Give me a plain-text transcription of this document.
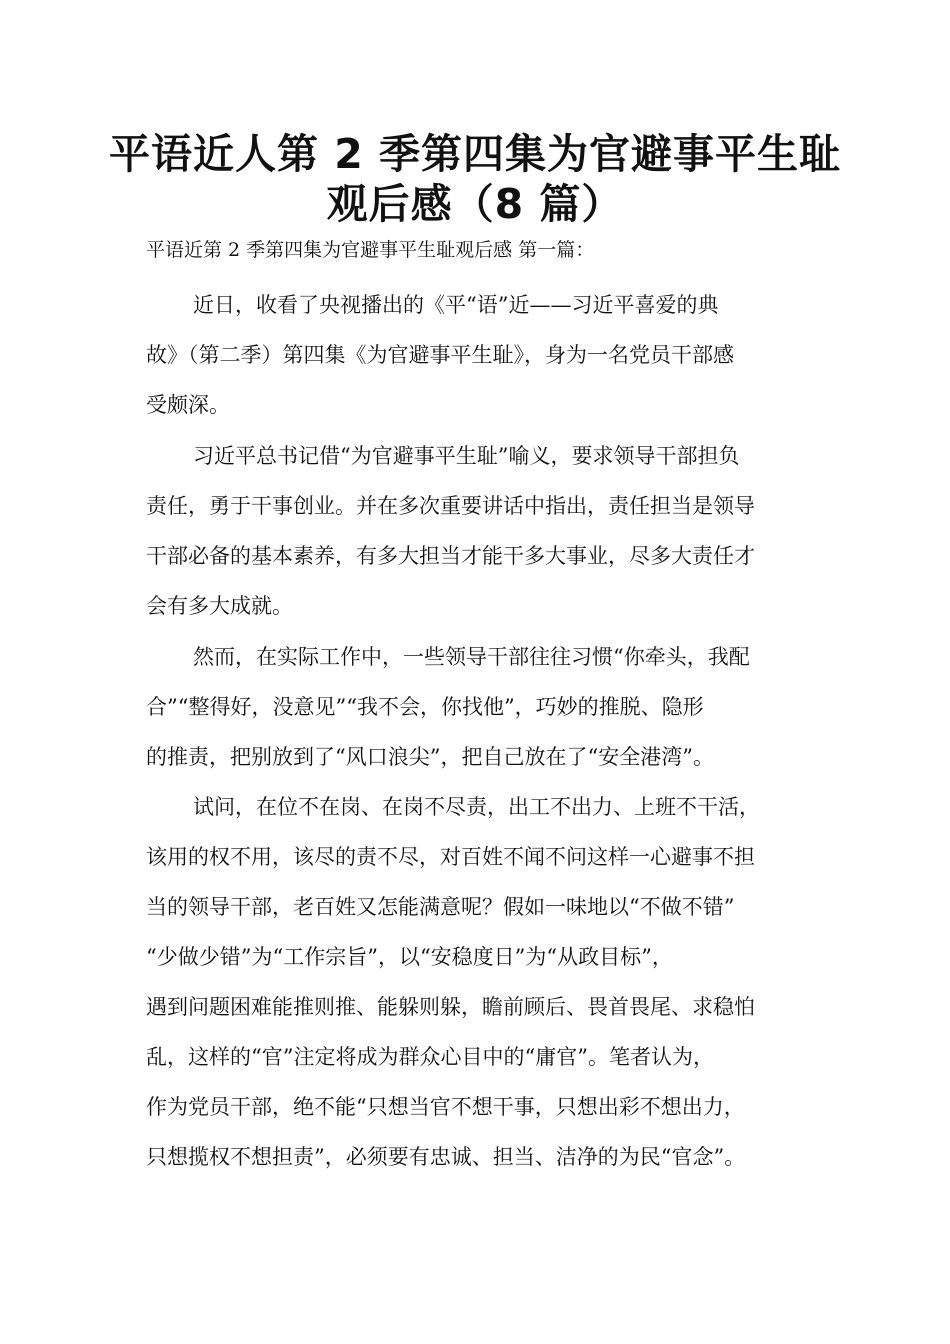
平语近人第 2 季第四集为官避事平生耻
观后感（8 篇）
平语近第 2 季第四集为官避事平生耻观后感 第一篇：
近日，收看了央视播出的《平“语”近——习近平喜爱的典
故》（第二季）第四集《为官避事平生耻》，身为一名党员干部感
受颇深。
习近平总书记借“为官避事平生耻”喻义，要求领导干部担负
责任，勇于干事创业。并在多次重要讲话中指出，责任担当是领导
干部必备的基本素养，有多大担当才能干多大事业，尽多大责任才
会有多大成就。
然而，在实际工作中，一些领导干部往往习惯“你牵头，我配
合”“整得好，没意见”“我不会，你找他”，巧妙的推脱、隐形
的推责，把别放到了“风口浪尖”，把自己放在了“安全港湾”。
试问，在位不在岗、在岗不尽责，出工不出力、上班不干活，
该用的权不用，该尽的责不尽，对百姓不闻不问这样一心避事不担
当的领导干部，老百姓又怎能满意呢？假如一味地以“不做不错”
“少做少错”为“工作宗旨”，以“安稳度日”为“从政目标”，
遇到问题困难能推则推、能躲则躲，瞻前顾后、畏首畏尾、求稳怕
乱，这样的“官”注定将成为群众心目中的“庸官”。笔者认为，
作为党员干部，绝不能“只想当官不想干事，只想出彩不想出力，
只想揽权不想担责”，必须要有忠诚、担当、洁净的为民“官念”。
